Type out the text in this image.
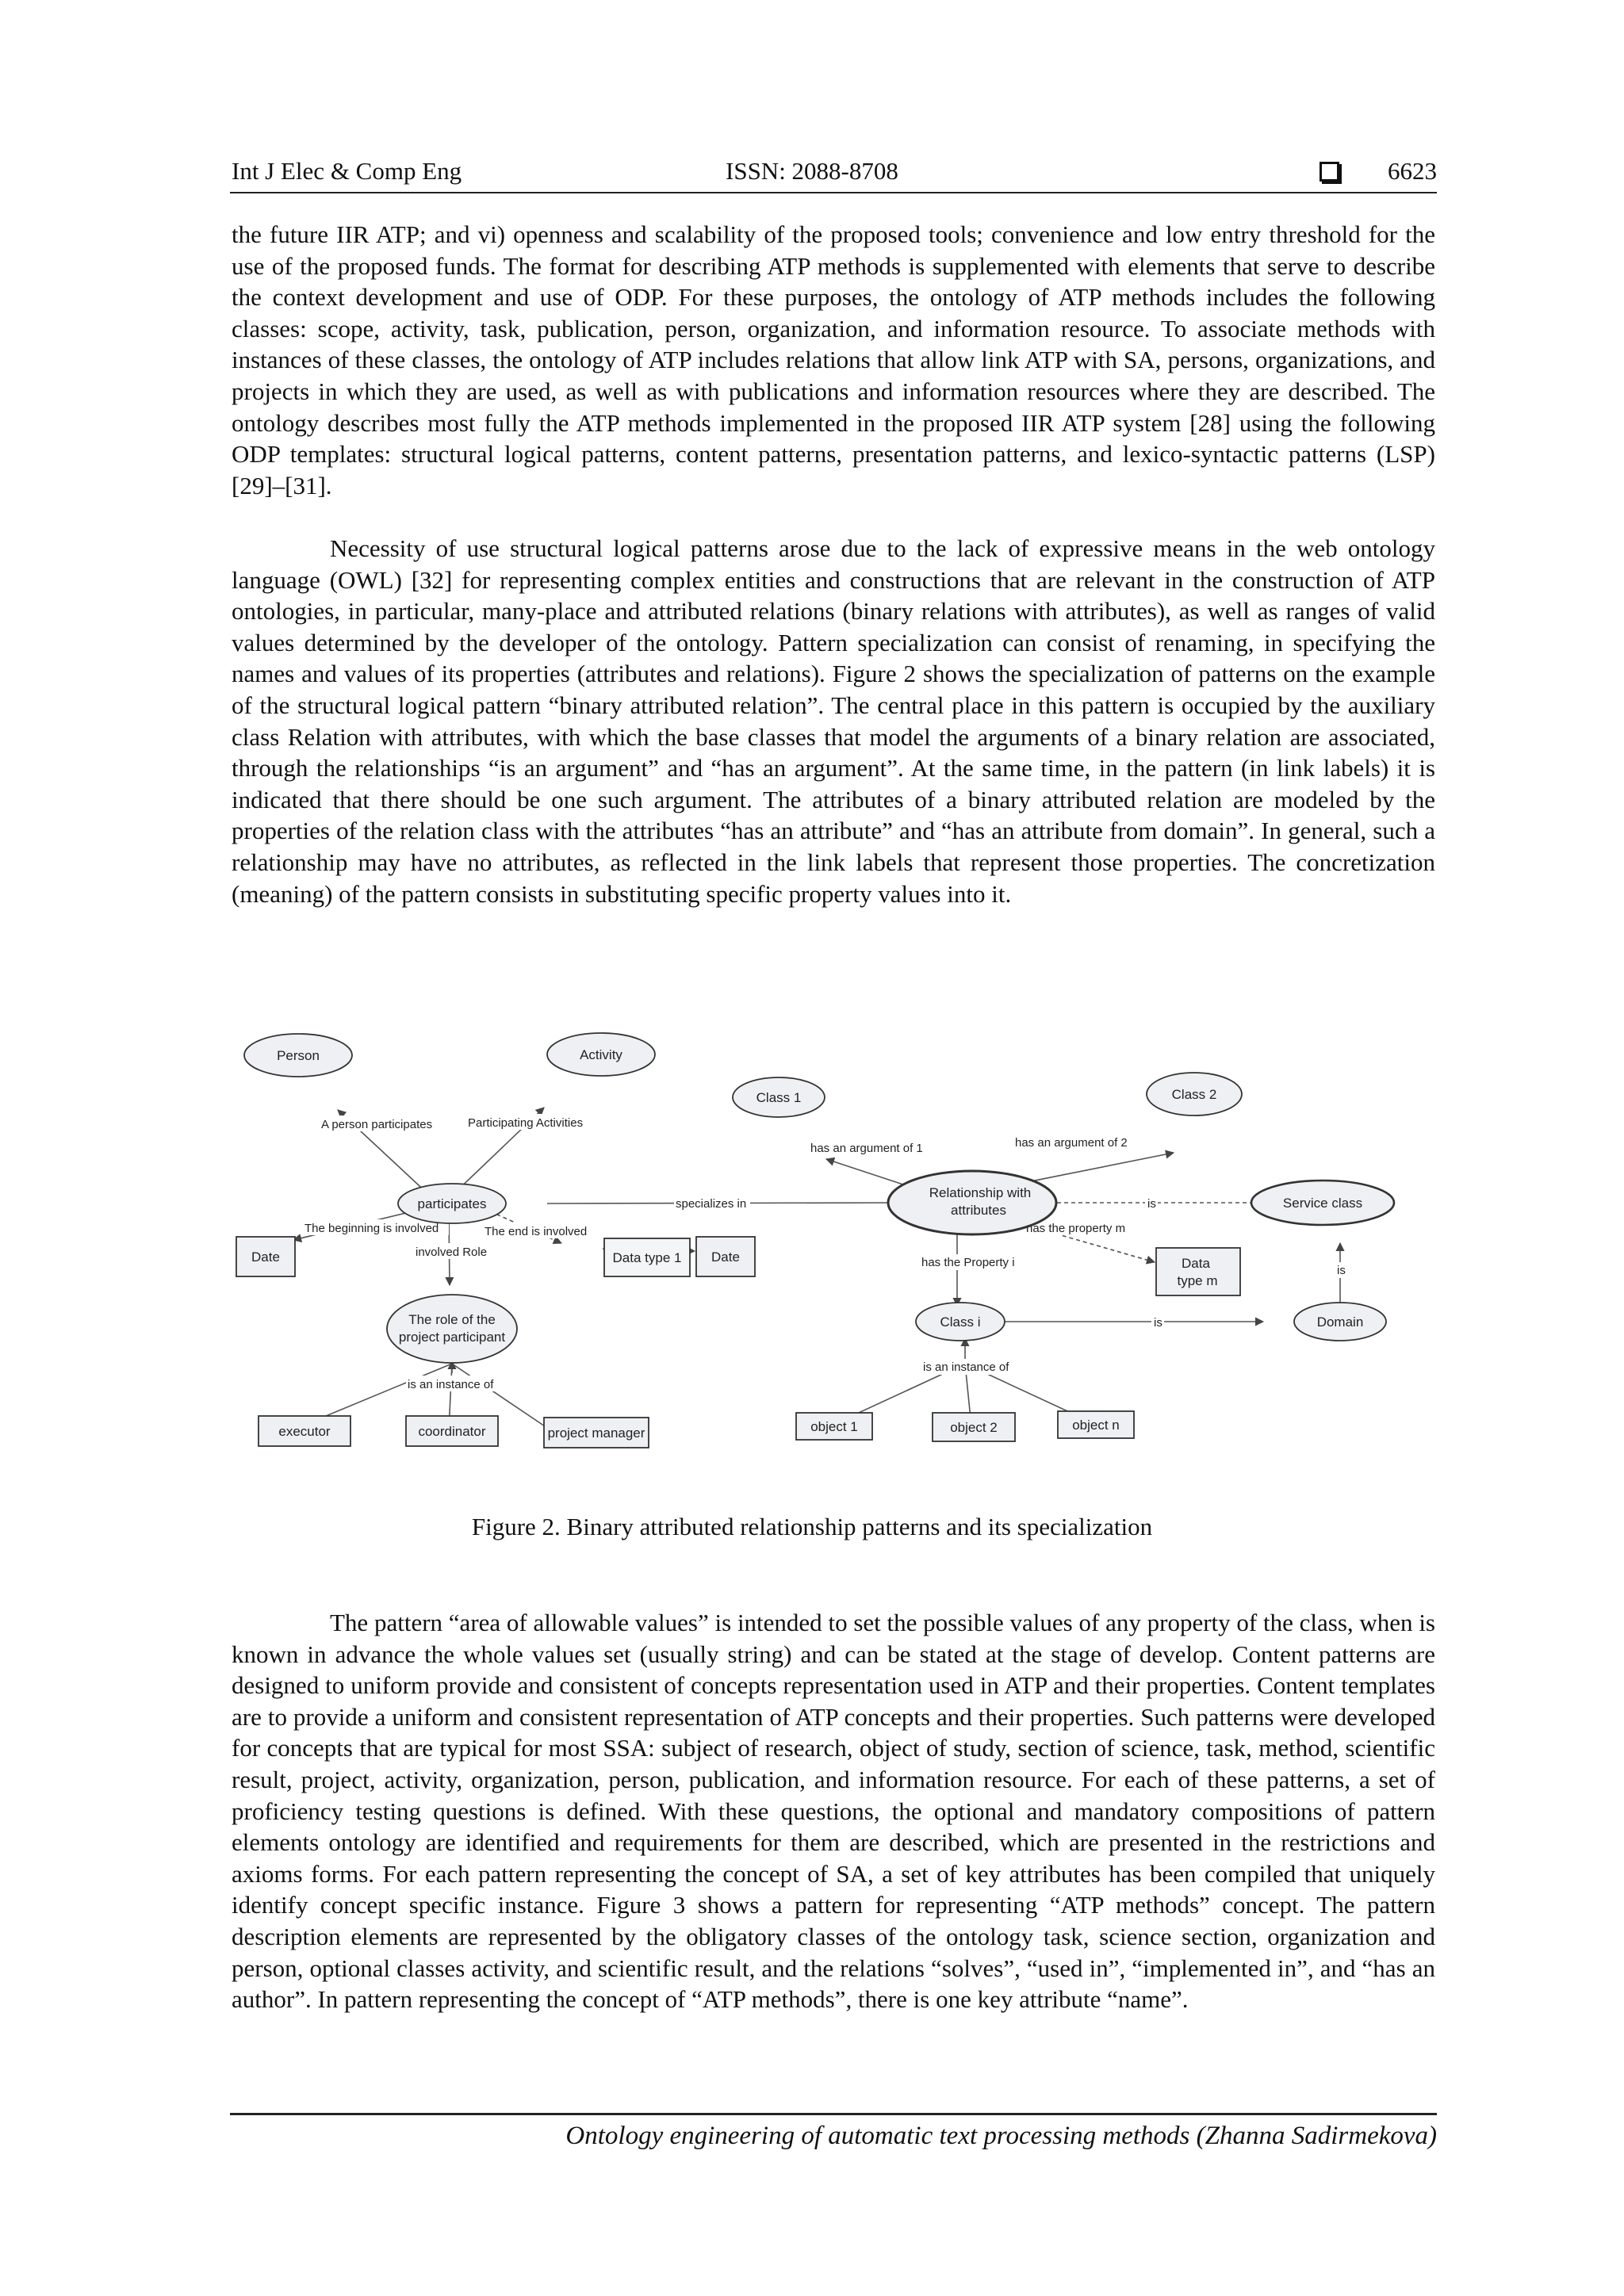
Int J Elec & Comp Eng	ISSN: 2088-8708	6623

the future IIR ATP; and vi) openness and scalability of the proposed tools; convenience and low entry threshold for the use of the proposed funds. The format for describing ATP methods is supplemented with elements that serve to describe the context development and use of ODP. For these purposes, the ontology of ATP methods includes the following classes: scope, activity, task, publication, person, organization, and information resource. To associate methods with instances of these classes, the ontology of ATP includes relations that allow link ATP with SA, persons, organizations, and projects in which they are used, as well as with publications and information resources where they are described. The ontology describes most fully the ATP methods implemented in the proposed IIR ATP system [28] using the following ODP templates: structural logical patterns, content patterns, presentation patterns, and lexico-syntactic patterns (LSP) [29]–[31].

Necessity of use structural logical patterns arose due to the lack of expressive means in the web ontology language (OWL) [32] for representing complex entities and constructions that are relevant in the construction of ATP ontologies, in particular, many-place and attributed relations (binary relations with attributes), as well as ranges of valid values determined by the developer of the ontology. Pattern specialization can consist of renaming, in specifying the names and values of its properties (attributes and relations). Figure 2 shows the specialization of patterns on the example of the structural logical pattern “binary attributed relation”. The central place in this pattern is occupied by the auxiliary class Relation with attributes, with which the base classes that model the arguments of a binary relation are associated, through the relationships “is an argument” and “has an argument”. At the same time, in the pattern (in link labels) it is indicated that there should be one such argument. The attributes of a binary attributed relation are modeled by the properties of the relation class with the attributes “has an attribute” and “has an attribute from domain”. In general, such a relationship may have no attributes, as reflected in the link labels that represent those properties. The concretization (meaning) of the pattern consists in substituting specific property values into it.

A person participates	Participating Activities
The beginning is involved	The end is involved
involved Role
is an instance of
specializes in
has an argument of 1	has an argument of 2
is
has the property m
has the Property i
is
is
is an instance of
Person	Activity
participates
Date	Data type 1 Date
The role of the
project participant
executor	coordinator	project manager
Class 1	Class 2
Relationship with
attributes	Service class
Data
type m
Class i	Domain
object 1	object 2	object n
Figure 2. Binary attributed relationship patterns and its specialization

The pattern “area of allowable values” is intended to set the possible values of any property of the class, when is known in advance the whole values set (usually string) and can be stated at the stage of develop. Content patterns are designed to uniform provide and consistent of concepts representation used in ATP and their properties. Content templates are to provide a uniform and consistent representation of ATP concepts and their properties. Such patterns were developed for concepts that are typical for most SSA: subject of research, object of study, section of science, task, method, scientific result, project, activity, organization, person, publication, and information resource. For each of these patterns, a set of proficiency testing questions is defined. With these questions, the optional and mandatory compositions of pattern elements ontology are identified and requirements for them are described, which are presented in the restrictions and axioms forms. For each pattern representing the concept of SA, a set of key attributes has been compiled that uniquely identify concept specific instance. Figure 3 shows a pattern for representing “ATP methods” concept. The pattern description elements are represented by the obligatory classes of the ontology task, science section, organization and person, optional classes activity, and scientific result, and the relations “solves”, “used in”, “implemented in”, and “has an author”. In pattern representing the concept of “ATP methods”, there is one key attribute “name”.

Ontology engineering of automatic text processing methods (Zhanna Sadirmekova)
